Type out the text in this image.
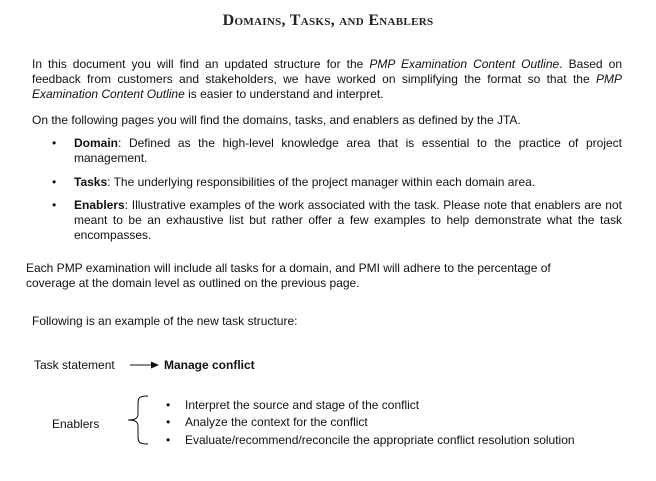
Domains, Tasks, and Enablers
In this document you will find an updated structure for the PMP Examination Content Outline. Based on feedback from customers and stakeholders, we have worked on simplifying the format so that the PMP Examination Content Outline is easier to understand and interpret.
On the following pages you will find the domains, tasks, and enablers as defined by the JTA.
• Domain: Defined as the high-level knowledge area that is essential to the practice of project management.
• Tasks: The underlying responsibilities of the project manager within each domain area.
• Enablers: Illustrative examples of the work associated with the task. Please note that enablers are not meant to be an exhaustive list but rather offer a few examples to help demonstrate what the task encompasses.
Each PMP examination will include all tasks for a domain, and PMI will adhere to the percentage of coverage at the domain level as outlined on the previous page.
Following is an example of the new task structure:
Task statement	Manage conflict
Enablers
• Interpret the source and stage of the conflict
• Analyze the context for the conflict
• Evaluate/recommend/reconcile the appropriate conflict resolution solution
